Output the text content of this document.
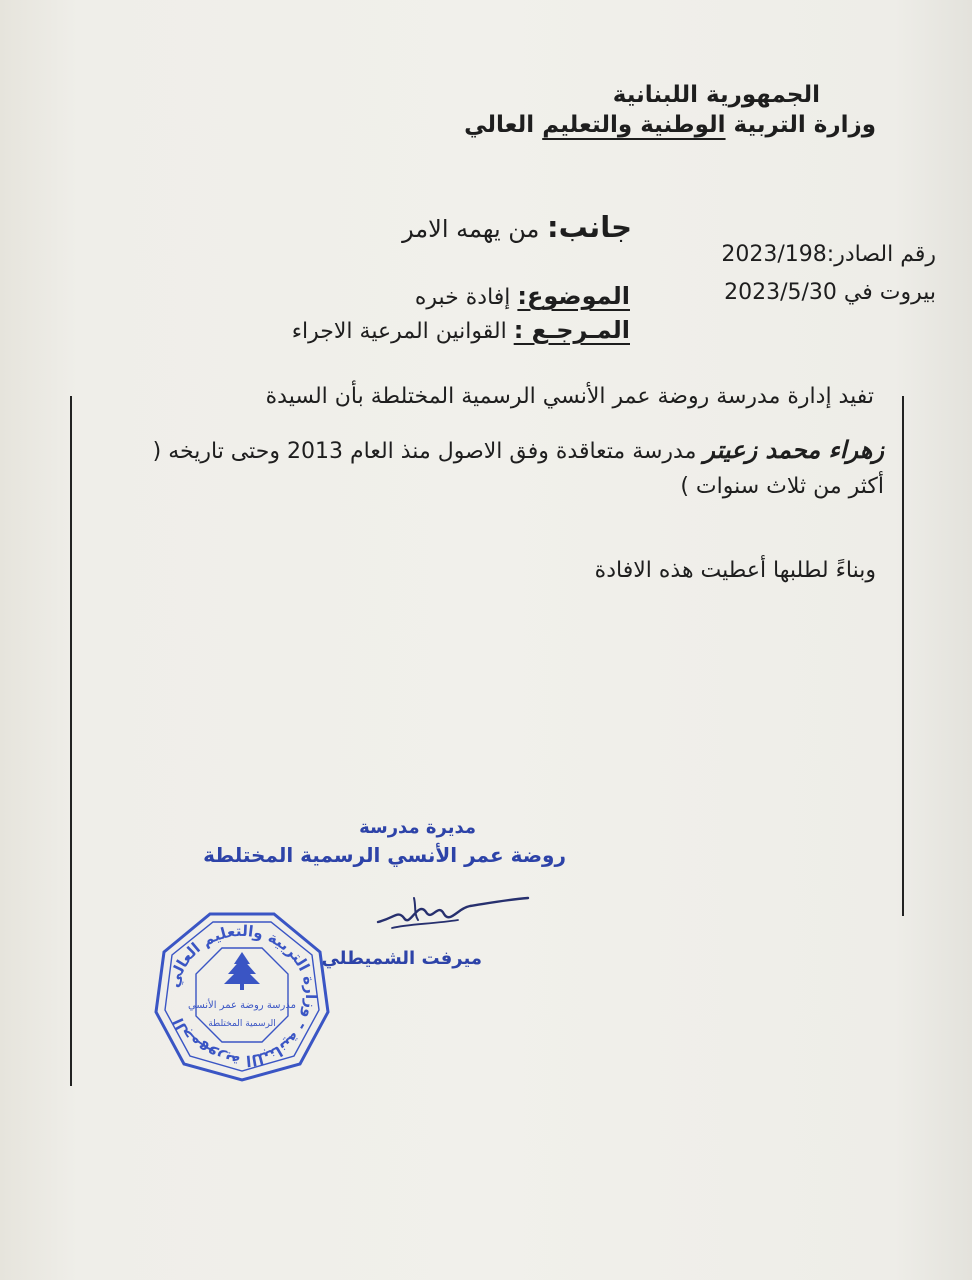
الجمهورية اللبنانية
وزارة التربية الوطنية والتعليم العالي
جانب: من يهمه الامر
رقم الصادر:2023/198
بيروت في 2023/5/30
الموضوع: إفادة خبره
المـرجـع : القوانين المرعية الاجراء
تفيد إدارة مدرسة روضة عمر الأنسي الرسمية المختلطة بأن السيدة
زهراء محمد زعيتر مدرسة متعاقدة وفق الاصول منذ العام 2013 وحتى تاريخه (
أكثر من ثلاث سنوات )
وبناءً لطلبها أعطيت هذه الافادة
مديرة مدرسة
روضة عمر الأنسي الرسمية المختلطة
ميرفت الشميطلي
الجمهورية اللبنانية - وزارة التربية والتعليم العالي
مدرسة روضة عمر الأنسي
الرسمية المختلطة
